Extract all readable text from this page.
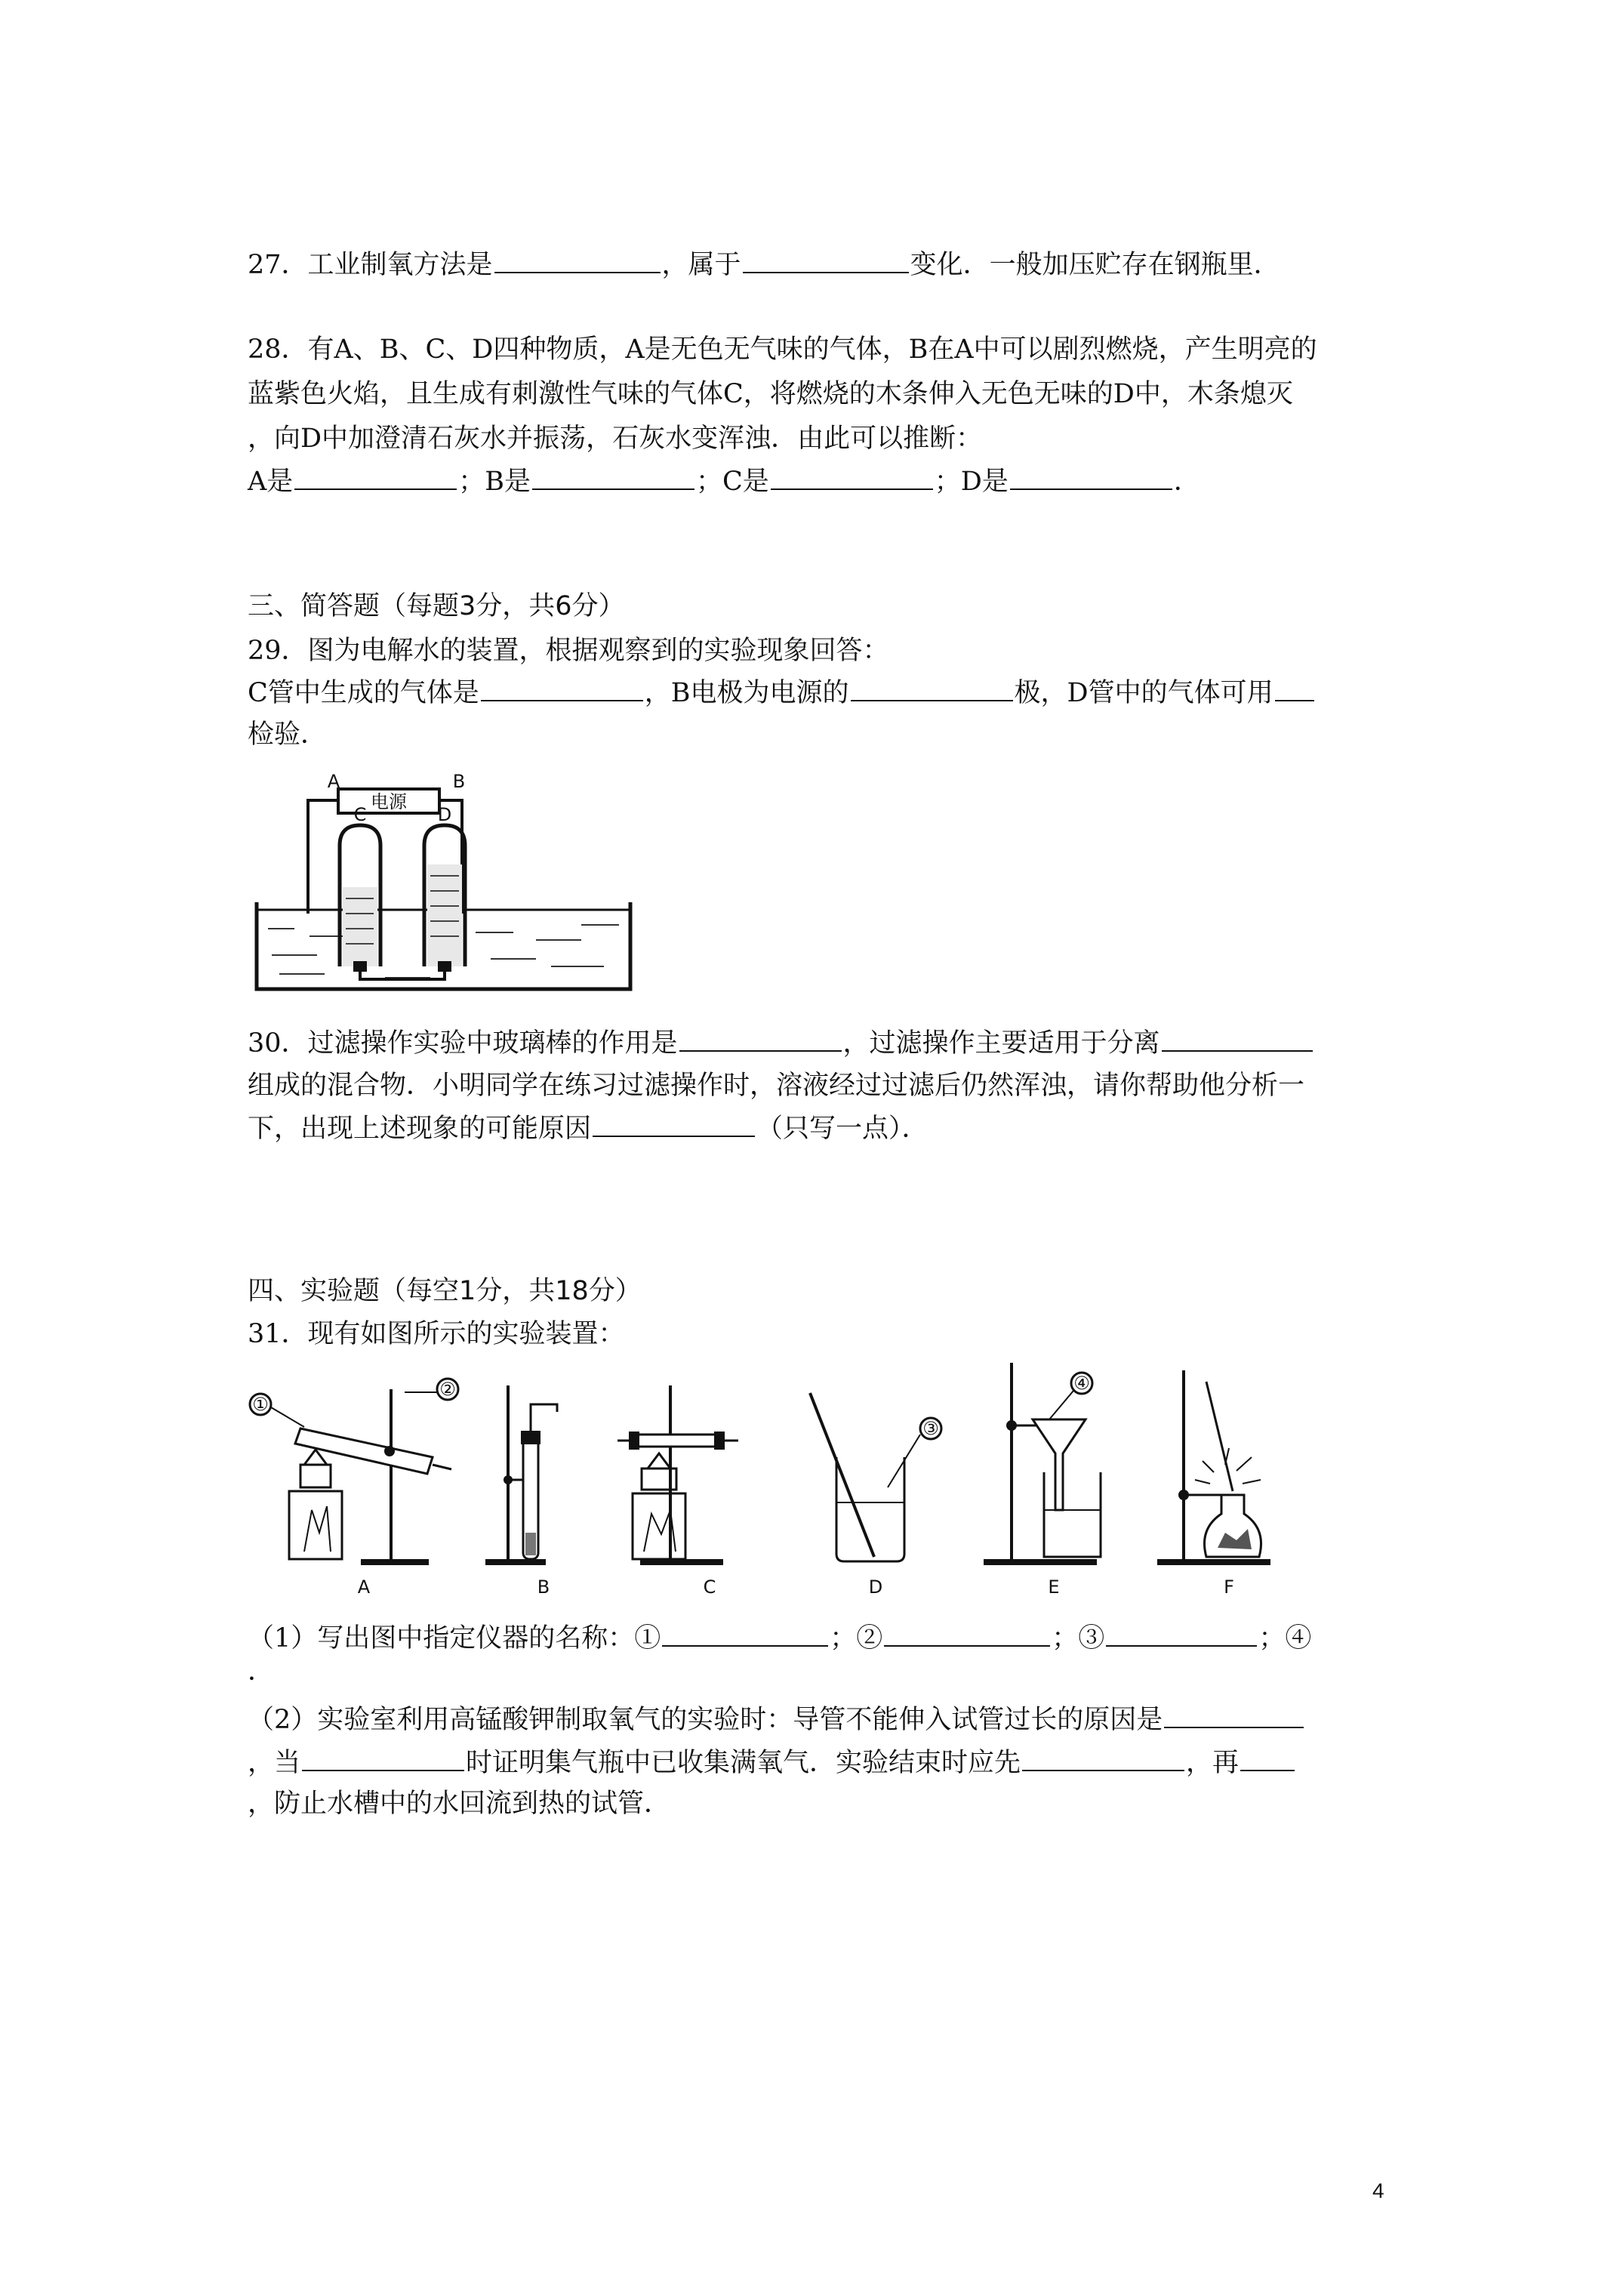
27．工业制氧方法是	，属于	变化．一般加压贮存在钢瓶里．
28．有A、B、C、D四种物质，A是无色无气味的气体，B在A中可以剧烈燃烧，产生明亮的
蓝紫色火焰，且生成有刺激性气味的气体C，将燃烧的木条伸入无色无味的D中，木条熄灭
，向D中加澄清石灰水并振荡，石灰水变浑浊．由此可以推断：
A是	；B是	；C是	；D是	．
三、简答题（每题3分，共6分）
29．图为电解水的装置，根据观察到的实验现象回答：
C管中生成的气体是	，B电极为电源的	极，D管中的气体可用
检验．
电源
A	B
C	D
30．过滤操作实验中玻璃棒的作用是	，过滤操作主要适用于分离
组成的混合物．小明同学在练习过滤操作时，溶液经过过滤后仍然浑浊，请你帮助他分析一
下，出现上述现象的可能原因	（只写一点）．
四、实验题（每空1分，共18分）
31．现有如图所示的实验装置：
①
②
A	B	C
③
D
④
E	F
（1）写出图中指定仪器的名称：①	；②	；③	；④
．
（2）实验室利用高锰酸钾制取氧气的实验时：导管不能伸入试管过长的原因是
，当	时证明集气瓶中已收集满氧气．实验结束时应先	，再
，防止水槽中的水回流到热的试管．
4
